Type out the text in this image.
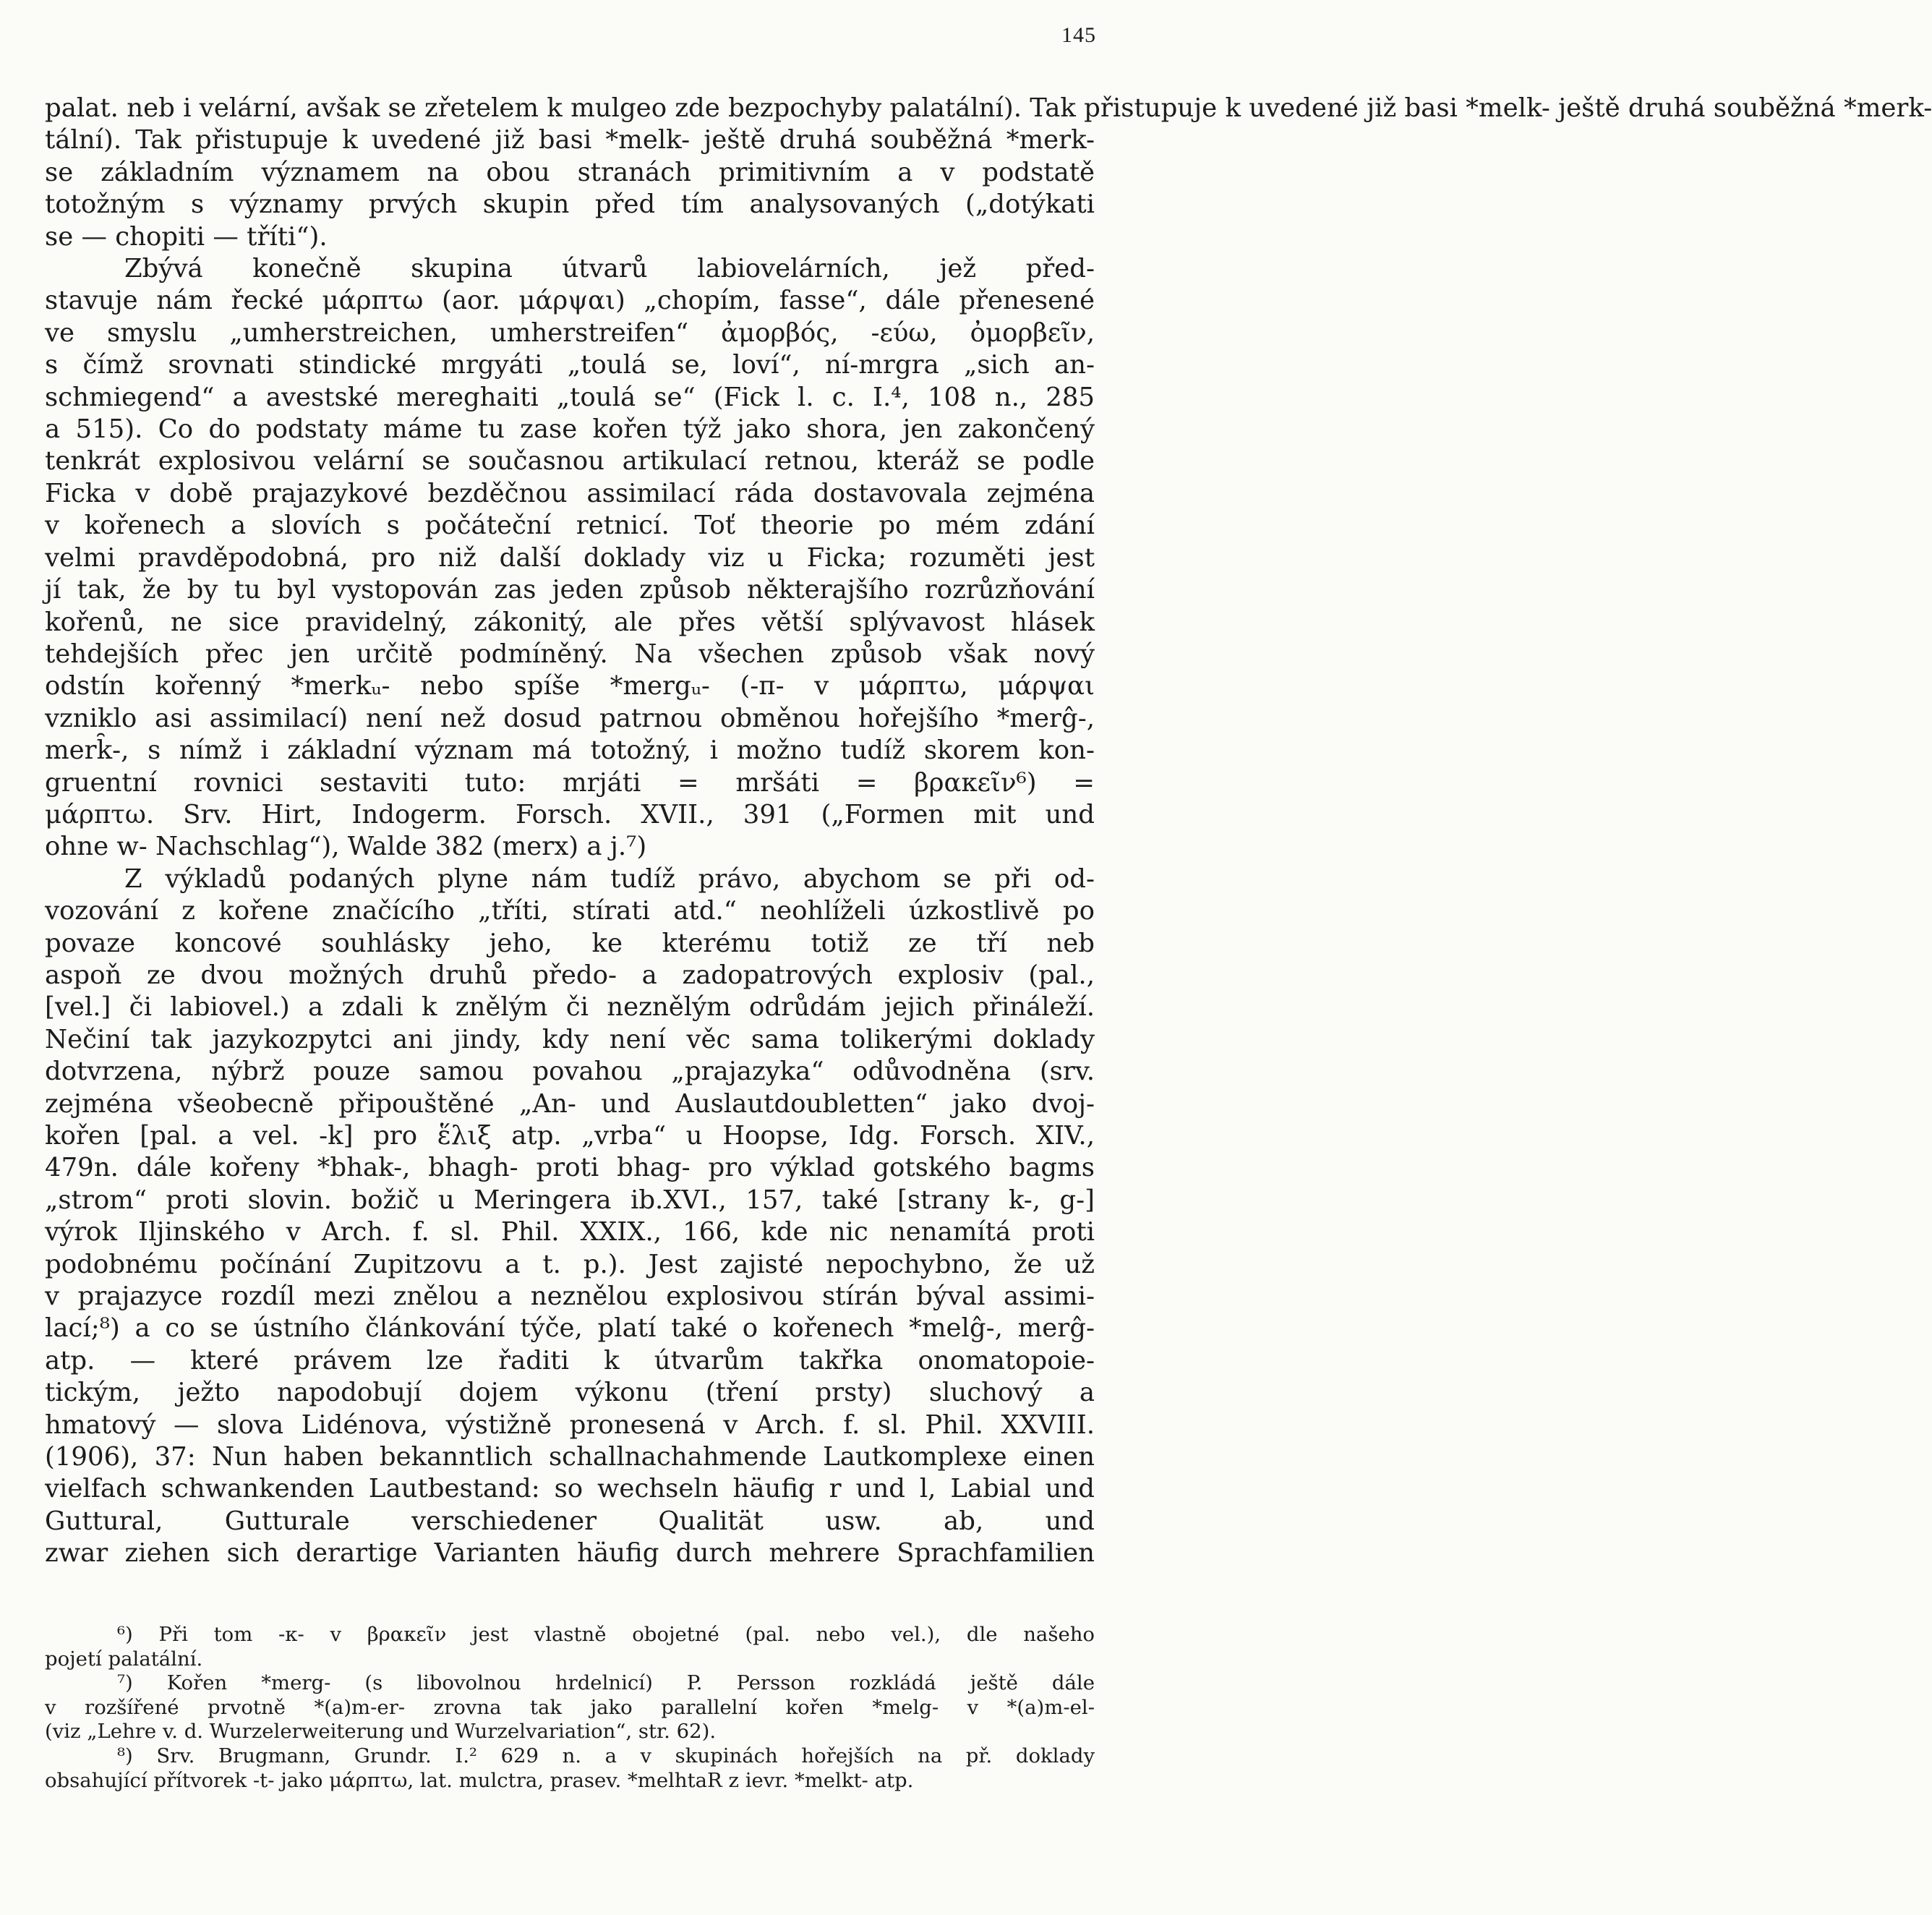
145
palat. neb i velární, avšak se zřetelem k mulgeo zde bezpochyby palatální). Tak přistupuje k uvedené již basi *melk- ještě druhá souběžná *merk-
tální). Tak přistupuje k uvedené již basi *melk- ještě druhá souběžná *merk-
se základním významem na obou stranách primitivním a v podstatě
totožným s významy prvých skupin před tím analysovaných („dotýkati
se — chopiti — tříti“).
Zbývá konečně skupina útvarů labiovelárních, jež před-
stavuje nám řecké μάρπτω (aor. μάρψαι) „chopím, fasse“, dále přenesené
ve smyslu „umherstreichen, umherstreifen“ ἀμορβός, -εύω, ὀμορβεῖν,
s čímž srovnati stindické mrgyáti „toulá se, loví“, ní-mrgra „sich an-
schmiegend“ a avestské mereghaiti „toulá se“ (Fick l. c. I.⁴, 108 n., 285
a 515). Co do podstaty máme tu zase kořen týž jako shora, jen zakončený
tenkrát explosivou velární se současnou artikulací retnou, kteráž se podle
Ficka v době prajazykové bezděčnou assimilací ráda dostavovala zejména
v kořenech a slovích s počáteční retnicí. Toť theorie po mém zdání
velmi pravděpodobná, pro niž další doklady viz u Ficka; rozuměti jest
jí tak, že by tu byl vystopován zas jeden způsob některajšího rozrůzňování
kořenů, ne sice pravidelný, zákonitý, ale přes větší splývavost hlásek
tehdejších přec jen určitě podmíněný. Na všechen způsob však nový
odstín kořenný *merkᵤ- nebo spíše *mergᵤ- (-π- v μάρπτω, μάρψαι
vzniklo asi assimilací) není než dosud patrnou obměnou hořejšího *merĝ-,
merk̑-, s nímž i základní význam má totožný, i možno tudíž skorem kon-
gruentní rovnici sestaviti tuto: mrjáti = mršáti = βρακεῖν⁶) =
μάρπτω. Srv. Hirt, Indogerm. Forsch. XVII., 391 („Formen mit und
ohne w- Nachschlag“), Walde 382 (merx) a j.⁷)
Z výkladů podaných plyne nám tudíž právo, abychom se při od-
vozování z kořene značícího „tříti, stírati atd.“ neohlíželi úzkostlivě po
povaze koncové souhlásky jeho, ke kterému totiž ze tří neb
aspoň ze dvou možných druhů předo- a zadopatrových explosiv (pal.,
[vel.] či labiovel.) a zdali k znělým či neznělým odrůdám jejich přináleží.
Nečiní tak jazykozpytci ani jindy, kdy není věc sama tolikerými doklady
dotvrzena, nýbrž pouze samou povahou „prajazyka“ odůvodněna (srv.
zejména všeobecně připouštěné „An- und Auslautdoubletten“ jako dvoj-
kořen [pal. a vel. -k] pro ἕλιξ atp. „vrba“ u Hoopse, Idg. Forsch. XIV.,
479n. dále kořeny *bhak-, bhagh- proti bhag- pro výklad gotského bagms
„strom“ proti slovin. božič u Meringera ib.XVI., 157, také [strany k-, g-]
výrok Iljinského v Arch. f. sl. Phil. XXIX., 166, kde nic nenamítá proti
podobnému počínání Zupitzovu a t. p.). Jest zajisté nepochybno, že už
v prajazyce rozdíl mezi znělou a neznělou explosivou stírán býval assimi-
lací;⁸) a co se ústního článkování týče, platí také o kořenech *melĝ-, merĝ-
atp. — které právem lze řaditi k útvarům takřka onomatopoie-
tickým, ježto napodobují dojem výkonu (tření prsty) sluchový a
hmatový — slova Lidénova, výstižně pronesená v Arch. f. sl. Phil. XXVIII.
(1906), 37: Nun haben bekanntlich schallnachahmende Lautkomplexe einen
vielfach schwankenden Lautbestand: so wechseln häufig r und l, Labial und
Guttural, Gutturale verschiedener Qualität usw. ab, und
zwar ziehen sich derartige Varianten häufig durch mehrere Sprachfamilien
⁶) Při tom -κ- v βρακεῖν jest vlastně obojetné (pal. nebo vel.), dle našeho
pojetí palatální.
⁷) Kořen *merg- (s libovolnou hrdelnicí) P. Persson rozkládá ještě dále
v rozšířené prvotně *(a)m-er- zrovna tak jako parallelní kořen *melg- v *(a)m-el-
(viz „Lehre v. d. Wurzelerweiterung und Wurzelvariation“, str. 62).
⁸) Srv. Brugmann, Grundr. I.² 629 n. a v skupinách hořejších na př. doklady
obsahující přítvorek -t- jako μάρπτω, lat. mulctra, prasev. *melhtaR z ievr. *melkt- atp.
